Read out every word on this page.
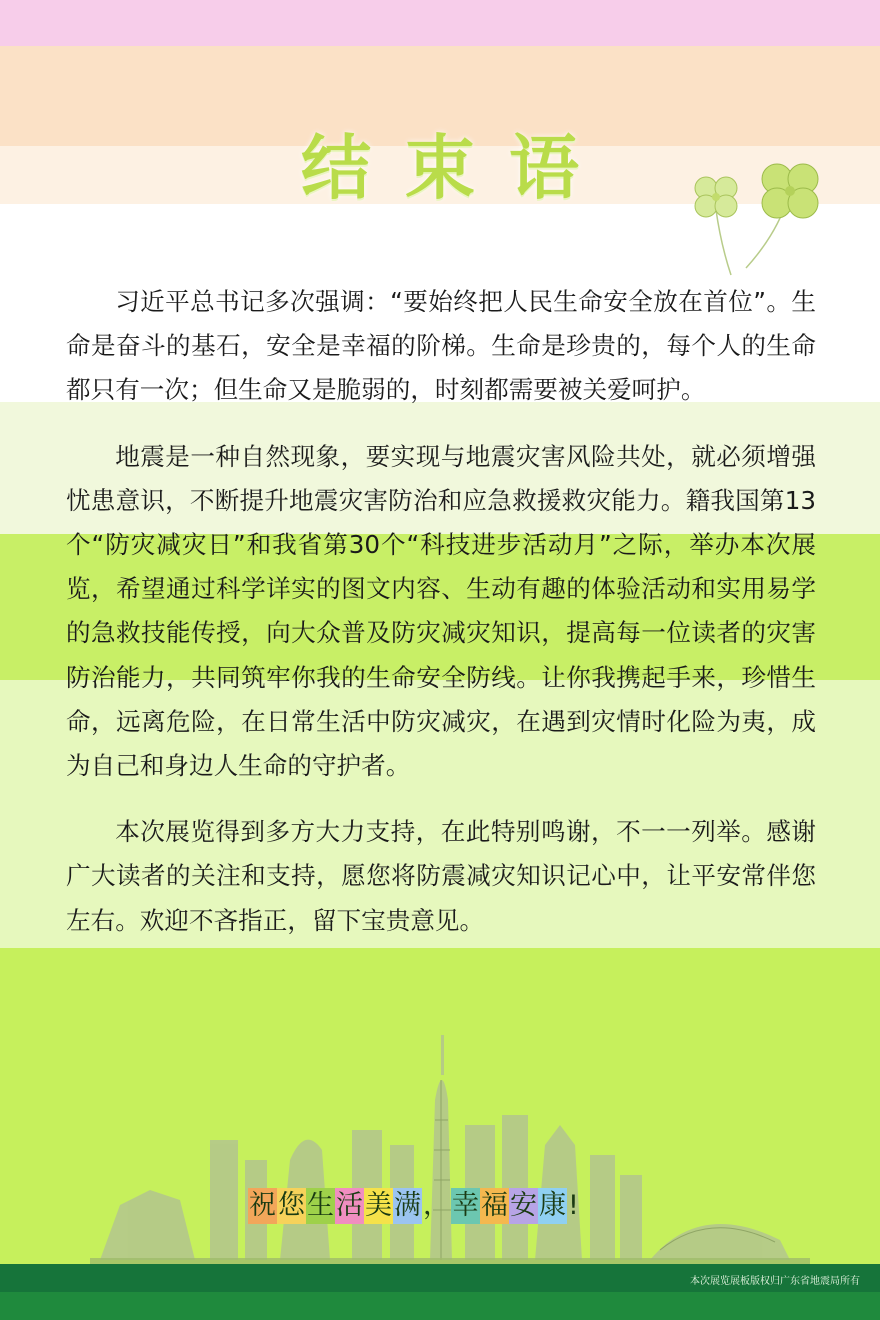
结束语

习近平总书记多次强调：“要始终把人民生命安全放在首位”。生命是奋斗的基石，安全是幸福的阶梯。生命是珍贵的，每个人的生命都只有一次；但生命又是脆弱的，时刻都需要被关爱呵护。

地震是一种自然现象，要实现与地震灾害风险共处，就必须增强忧患意识，不断提升地震灾害防治和应急救援救灾能力。籍我国第13个“防灾减灾日”和我省第30个“科技进步活动月”之际，举办本次展览，希望通过科学详实的图文内容、生动有趣的体验活动和实用易学的急救技能传授，向大众普及防灾减灾知识，提高每一位读者的灾害防治能力，共同筑牢你我的生命安全防线。让你我携起手来，珍惜生命，远离危险，在日常生活中防灾减灾，在遇到灾情时化险为夷，成为自己和身边人生命的守护者。

本次展览得到多方大力支持，在此特别鸣谢，不一一列举。感谢广大读者的关注和支持，愿您将防震减灾知识记心中，让平安常伴您左右。欢迎不吝指正，留下宝贵意见。

祝 您 生 活 美 满 ， 幸 福 安 康 !
本次展览展板版权归广东省地震局所有
